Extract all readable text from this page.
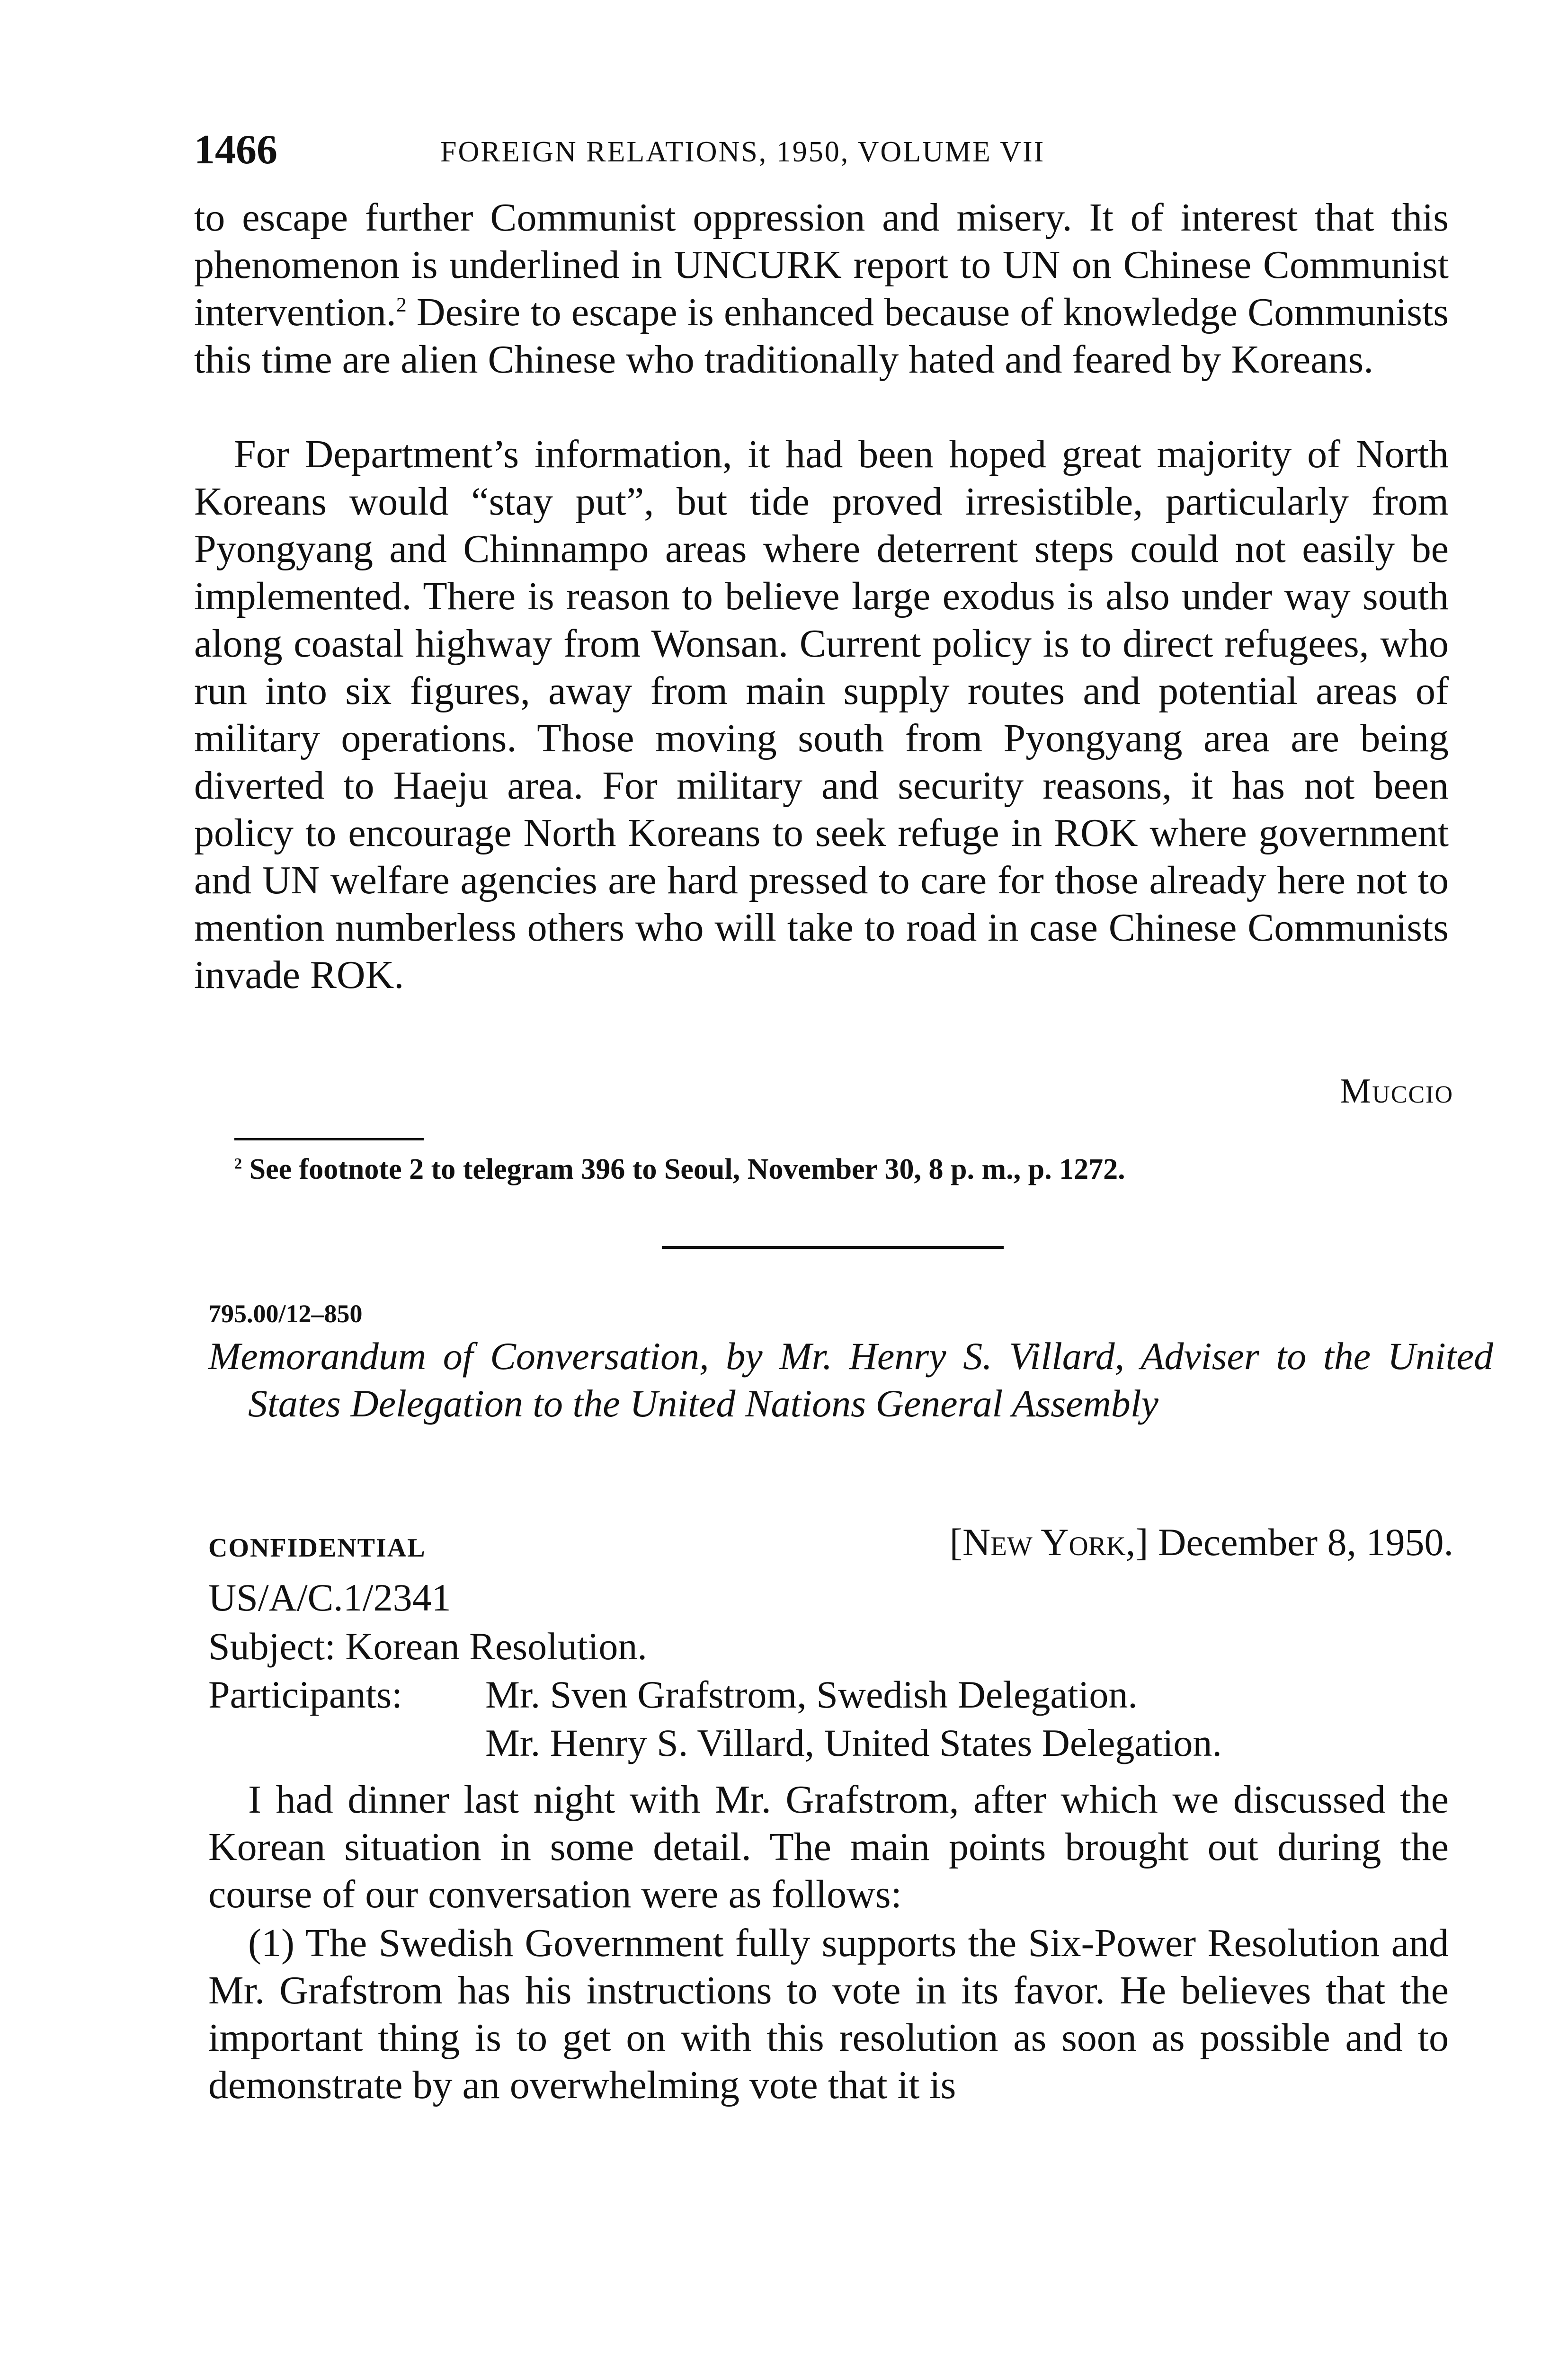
1466	FOREIGN RELATIONS, 1950, VOLUME VII

to escape further Communist oppression and misery. It of interest that this phenomenon is underlined in UNCURK report to UN on Chinese Communist intervention.$^2$ Desire to escape is enhanced because of knowledge Communists this time are alien Chinese who traditionally hated and feared by Koreans.

For Department’s information, it had been hoped great majority of North Koreans would “stay put”, but tide proved irresistible, particularly from Pyongyang and Chinnampo areas where deterrent steps could not easily be implemented. There is reason to believe large exodus is also under way south along coastal highway from Wonsan. Current policy is to direct refugees, who run into six figures, away from main supply routes and potential areas of military operations. Those moving south from Pyongyang area are being diverted to Haeju area. For military and security reasons, it has not been policy to encourage North Koreans to seek refuge in ROK where government and UN welfare agencies are hard pressed to care for those already here not to mention numberless others who will take to road in case Chinese Communists invade ROK.

Muccio
$^2$ See footnote 2 to telegram 396 to Seoul, November 30, 8 p. m., p. 1272.
795.00/12–850

Memorandum of Conversation, by Mr. Henry S. Villard, Adviser to the United States Delegation to the United Nations General Assembly

CONFIDENTIAL	[New York,] December 8, 1950.
US/A/C.1/2341
Subject: Korean Resolution.
Participants: Mr. Sven Grafstrom, Swedish Delegation.
Mr. Henry S. Villard, United States Delegation.

I had dinner last night with Mr. Grafstrom, after which we discussed the Korean situation in some detail. The main points brought out during the course of our conversation were as follows:

(1) The Swedish Government fully supports the Six-Power Resolution and Mr. Grafstrom has his instructions to vote in its favor. He believes that the important thing is to get on with this resolution as soon as possible and to demonstrate by an overwhelming vote that it is
